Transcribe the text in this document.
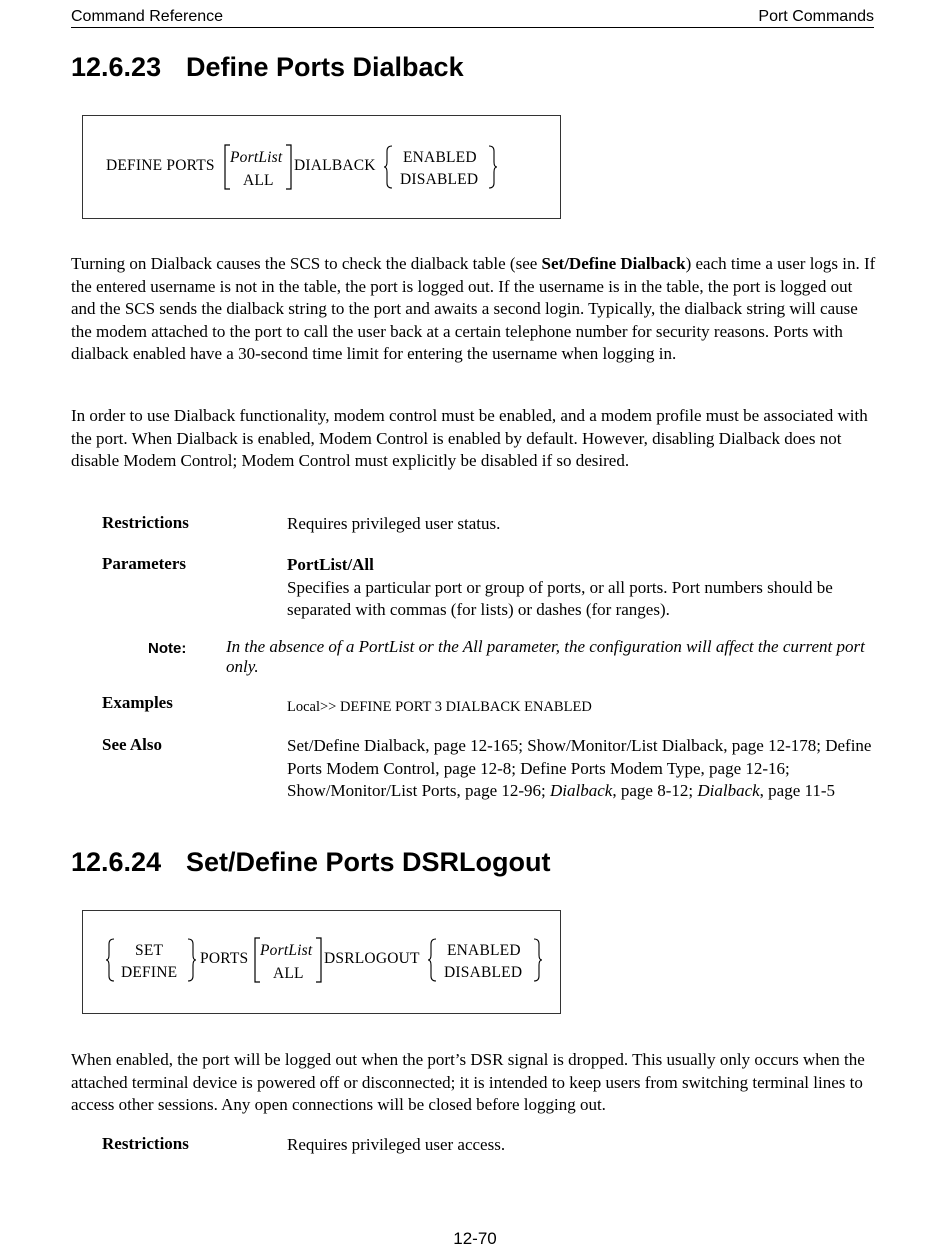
Command Reference	Port Commands
12.6.23 Define Ports Dialback
DEFINE PORTS PortList
ALL
DIALBACK ENABLED
DISABLED

Turning on Dialback causes the SCS to check the dialback table (see Set/Define Dialback) each time a user logs in. If the entered username is not in the table, the port is logged out. If the username is in the table, the port is logged out and the SCS sends the dialback string to the port and awaits a second login. Typically, the dialback string will cause the modem attached to the port to call the user back at a certain telephone number for security reasons. Ports with dialback enabled have a 30-second time limit for entering the username when logging in.

In order to use Dialback functionality, modem control must be enabled, and a modem profile must be associated with the port. When Dialback is enabled, Modem Control is enabled by default. However, disabling Dialback does not disable Modem Control; Modem Control must explicitly be disabled if so desired.

Restrictions	Requires privileged user status.
Parameters	PortList/All
Specifies a particular port or group of ports, or all ports. Port numbers should be separated with commas (for lists) or dashes (for ranges).
Note: In the absence of a PortList or the All parameter, the configuration will affect the current port only.
Examples	Local>> DEFINE PORT 3 DIALBACK ENABLED
See Also	Set/Define Dialback, page 12-165; Show/Monitor/List Dialback, page 12-178; Define Ports Modem Control, page 12-8; Define Ports Modem Type, page 12-16; Show/Monitor/List Ports, page 12-96; Dialback, page 8-12; Dialback, page 11-5
12.6.24 Set/Define Ports DSRLogout
SET
DEFINE
PORTS PortList
ALL
DSRLOGOUT ENABLED
DISABLED

When enabled, the port will be logged out when the port’s DSR signal is dropped. This usually only occurs when the attached terminal device is powered off or disconnected; it is intended to keep users from switching terminal lines to access other sessions. Any open connections will be closed before logging out.

Restrictions	Requires privileged user access.
12-70
